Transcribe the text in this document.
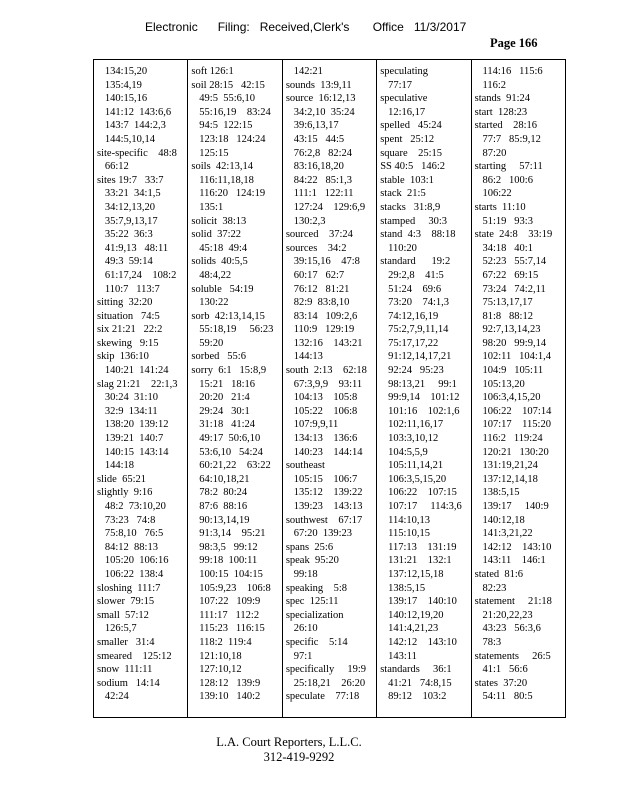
Electronic      Filing:   Received,Clerk's       Office   11/3/2017
Page 166
134:15,20
135:4,19
140:15,16
141:12  143:6,6
143:7  144:2,3
144:5,10,14
site-specific    48:8
66:12
sites 19:7   33:7
33:21  34:1,5
34:12,13,20
35:7,9,13,17
35:22  36:3
41:9,13   48:11
49:3  59:14
61:17,24    108:2
110:7   113:7
sitting  32:20
situation   74:5
six 21:21   22:2
skewing   9:15
skip  136:10
140:21  141:24
slag 21:21    22:1,3
30:24  31:10
32:9  134:11
138:20  139:12
139:21  140:7
140:15  143:14
144:18
slide  65:21
slightly  9:16
48:2  73:10,20
73:23   74:8
75:8,10   76:5
84:12  88:13
105:20  106:16
106:22  138:4
sloshing  111:7
slower  79:15
small  57:12
126:5,7
smaller   31:4
smeared    125:12
snow  111:11
sodium   14:14
42:24
soft 126:1
soil 28:15   42:15
49:5  55:6,10
55:16,19    83:24
94:5  122:15
123:18   124:24
125:15
soils  42:13,14
116:11,18,18
116:20   124:19
135:1
solicit  38:13
solid  37:22
45:18  49:4
solids  40:5,5
48:4,22
soluble   54:19
130:22
sorb  42:13,14,15
55:18,19     56:23
59:20
sorbed   55:6
sorry  6:1   15:8,9
15:21   18:16
20:20   21:4
29:24   30:1
31:18   41:24
49:17  50:6,10
53:6,10   54:24
60:21,22    63:22
64:10,18,21
78:2  80:24
87:6  88:16
90:13,14,19
91:3,14    95:21
98:3,5   99:12
99:18  100:11
100:15  104:15
105:9,23    106:8
107:22   109:9
111:17   112:2
115:23   116:15
118:2  119:4
121:10,18
127:10,12
128:12   139:9
139:10   140:2
142:21
sounds  13:9,11
source  16:12,13
34:2,10  35:24
39:6,13,17
43:15   44:5
76:2,8   82:24
83:16,18,20
84:22   85:1,3
111:1   122:11
127:24    129:6,9
130:2,3
sourced    37:24
sources    34:2
39:15,16    47:8
60:17   62:7
76:12   81:21
82:9  83:8,10
83:14   109:2,6
110:9   129:19
132:16    143:21
144:13
south  2:13    62:18
67:3,9,9    93:11
104:13    105:8
105:22    106:8
107:9,9,11
134:13    136:6
140:23    144:14
southeast
105:15    106:7
135:12    139:22
139:23    143:13
southwest    67:17
67:20  139:23
spans  25:6
speak  95:20
99:18
speaking    5:8
spec  125:11
specialization
26:10
specific    5:14
97:1
specifically     19:9
25:18,21    26:20
speculate    77:18
speculating
77:17
speculative
12:16,17
spelled   45:24
spent   25:12
square    25:15
SS 40:5   146:2
stable  103:1
stack  21:5
stacks   31:8,9
stamped     30:3
stand  4:3    88:18
110:20
standard      19:2
29:2,8    41:5
51:24    69:6
73:20    74:1,3
74:12,16,19
75:2,7,9,11,14
75:17,17,22
91:12,14,17,21
92:24   95:23
98:13,21     99:1
99:9,14    101:12
101:16    102:1,6
102:11,16,17
103:3,10,12
104:5,5,9
105:11,14,21
106:3,5,15,20
106:22    107:15
107:17     114:3,6
114:10,13
115:10,15
117:13    131:19
131:21    132:1
137:12,15,18
138:5,15
139:17    140:10
140:12,19,20
141:4,21,23
142:12    143:10
143:11
standards     36:1
41:21   74:8,15
89:12    103:2
114:16   115:6
116:2
stands  91:24
start  128:23
started    28:16
77:7   85:9,12
87:20
starting     57:11
86:2   100:6
106:22
starts  11:10
51:19   93:3
state  24:8    33:19
34:18   40:1
52:23   55:7,14
67:22   69:15
73:24   74:2,11
75:13,17,17
81:8   88:12
92:7,13,14,23
98:20   99:9,14
102:11   104:1,4
104:9   105:11
105:13,20
106:3,4,15,20
106:22    107:14
107:17    115:20
116:2   119:24
120:21   130:20
131:19,21,24
137:12,14,18
138:5,15
139:17     140:9
140:12,18
141:3,21,22
142:12    143:10
143:11    146:1
stated  81:6
82:23
statement     21:18
21:20,22,23
43:23   56:3,6
78:3
statements     26:5
41:1   56:6
states  37:20
54:11   80:5
L.A. Court Reporters, L.L.C.
312-419-9292
